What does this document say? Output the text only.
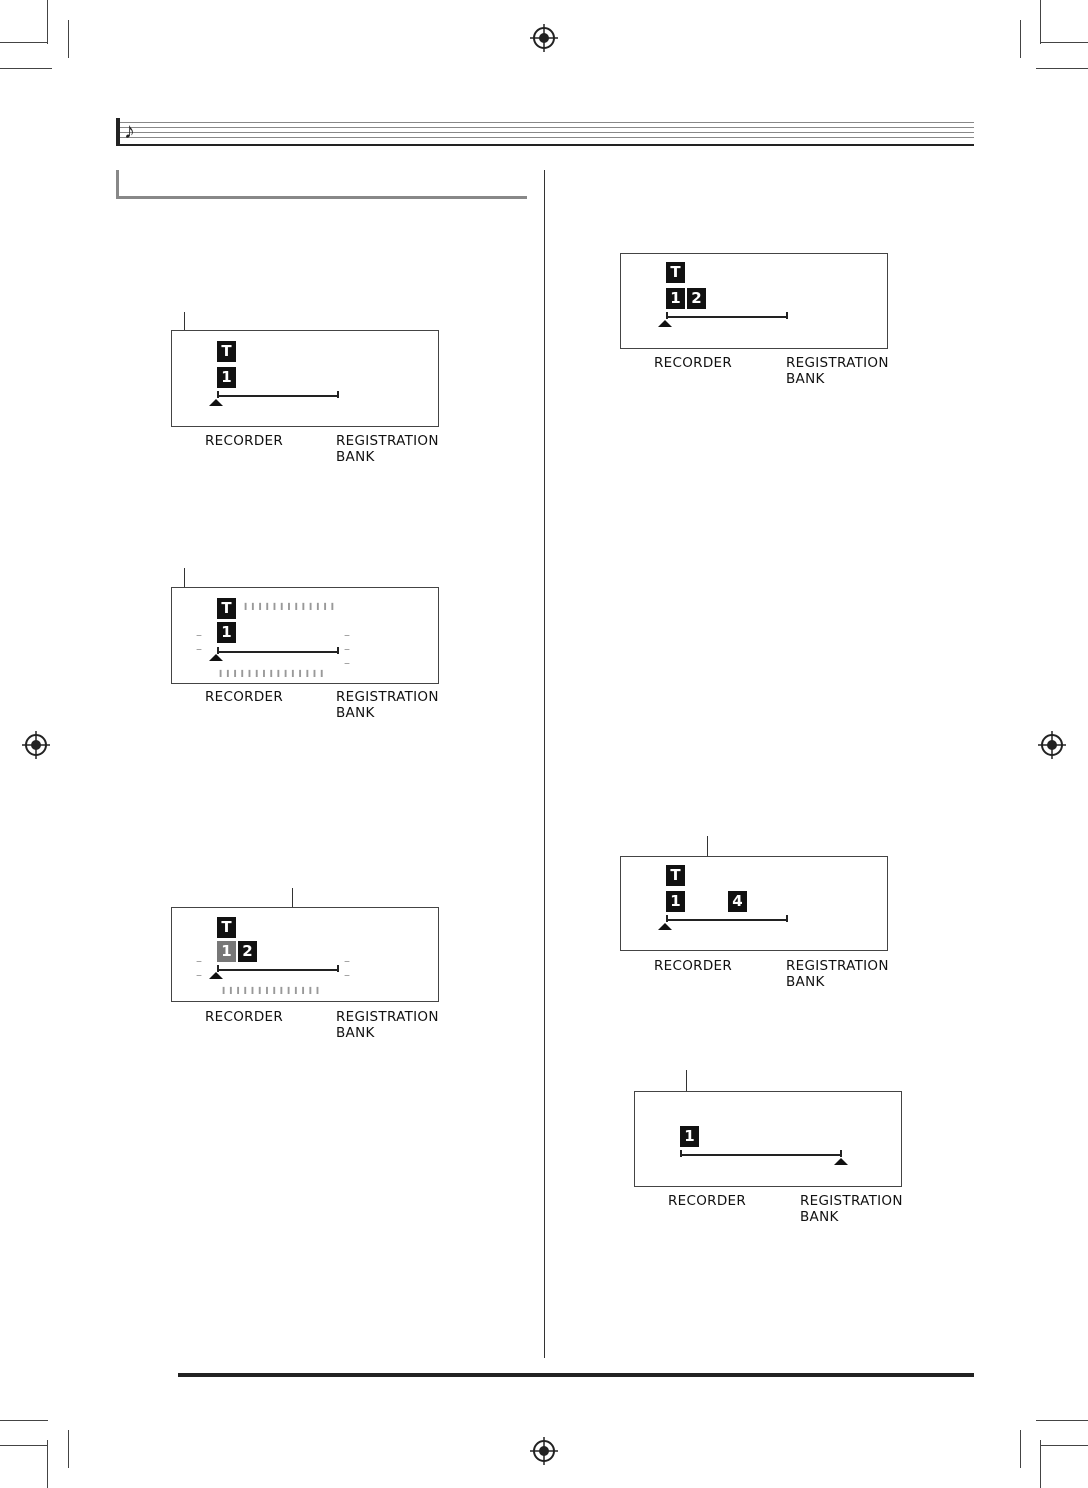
♪
T
1
RECORDER	REGISTRATION
BANK
T
1
╹╹╹╹╹╹╹╹╹╹╹╹╹
╻╻╻╻╻╻╻╻╻╻╻╻╻╻╻
–
–
–
–
–
RECORDER	REGISTRATION
BANK
T
1 2
╻╻╻╻╻╻╻╻╻╻╻╻╻╻
–
–
–
–
RECORDER	REGISTRATION
BANK
T
1 2
RECORDER	REGISTRATION
BANK
T
1	4
RECORDER	REGISTRATION
BANK
1
RECORDER	REGISTRATION
BANK
